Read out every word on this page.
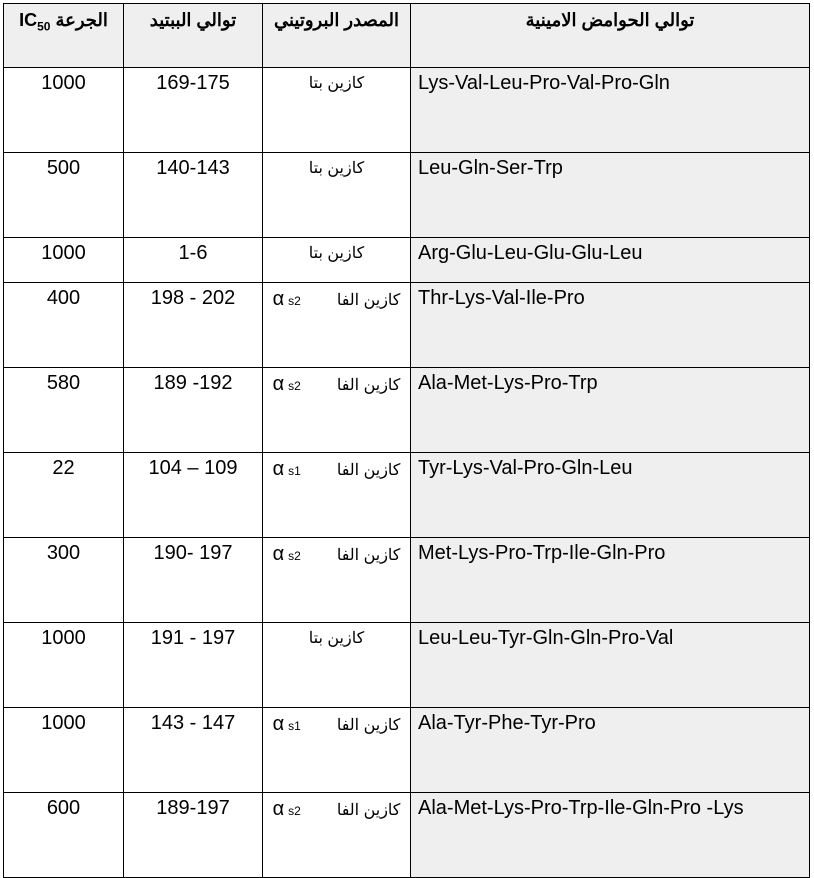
الجرعة $IC_{50}$	توالي الببتيد	المصدر البروتيني	توالي الحوامض الامينية
1000	169-175	كازين بتا	Lys-Val-Leu-Pro-Val-Pro-Gln
500	140-143	كازين بتا	Leu-Gln-Ser-Trp
1000	1-6	كازين بتا	Arg-Glu-Leu-Glu-Glu-Leu
400	198 - 202	αs2 كازين الفا	Thr-Lys-Val-Ile-Pro
580	189 -192	αs2 كازين الفا	Ala-Met-Lys-Pro-Trp
22	104 – 109	αs1 كازين الفا	Tyr-Lys-Val-Pro-Gln-Leu
300	190- 197	αs2 كازين الفا	Met-Lys-Pro-Trp-Ile-Gln-Pro
1000	191 - 197	كازين بتا	Leu-Leu-Tyr-Gln-Gln-Pro-Val
1000	143 - 147	αs1 كازين الفا	Ala-Tyr-Phe-Tyr-Pro
600	189-197	αs2 كازين الفا	Ala-Met-Lys-Pro-Trp-Ile-Gln-Pro -Lys
